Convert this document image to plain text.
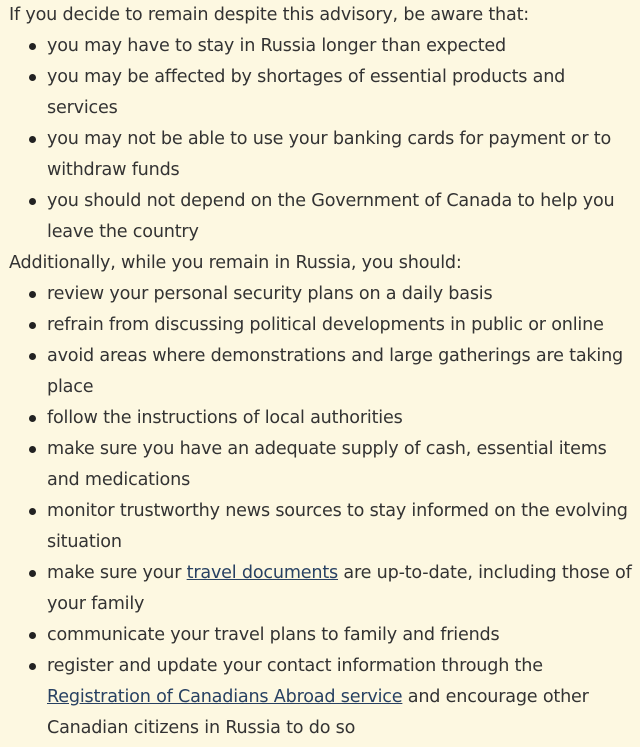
If you decide to remain despite this advisory, be aware that:

you may have to stay in Russia longer than expected
you may be affected by shortages of essential products and services
you may not be able to use your banking cards for payment or to withdraw funds
you should not depend on the Government of Canada to help you leave the country

Additionally, while you remain in Russia, you should:

review your personal security plans on a daily basis
refrain from discussing political developments in public or online
avoid areas where demonstrations and large gatherings are taking place
follow the instructions of local authorities
make sure you have an adequate supply of cash, essential items and medications
monitor trustworthy news sources to stay informed on the evolving situation
make sure your travel documents are up-to-date, including those of your family
communicate your travel plans to family and friends
register and update your contact information through the Registration of Canadians Abroad service and encourage other Canadian citizens in Russia to do so
